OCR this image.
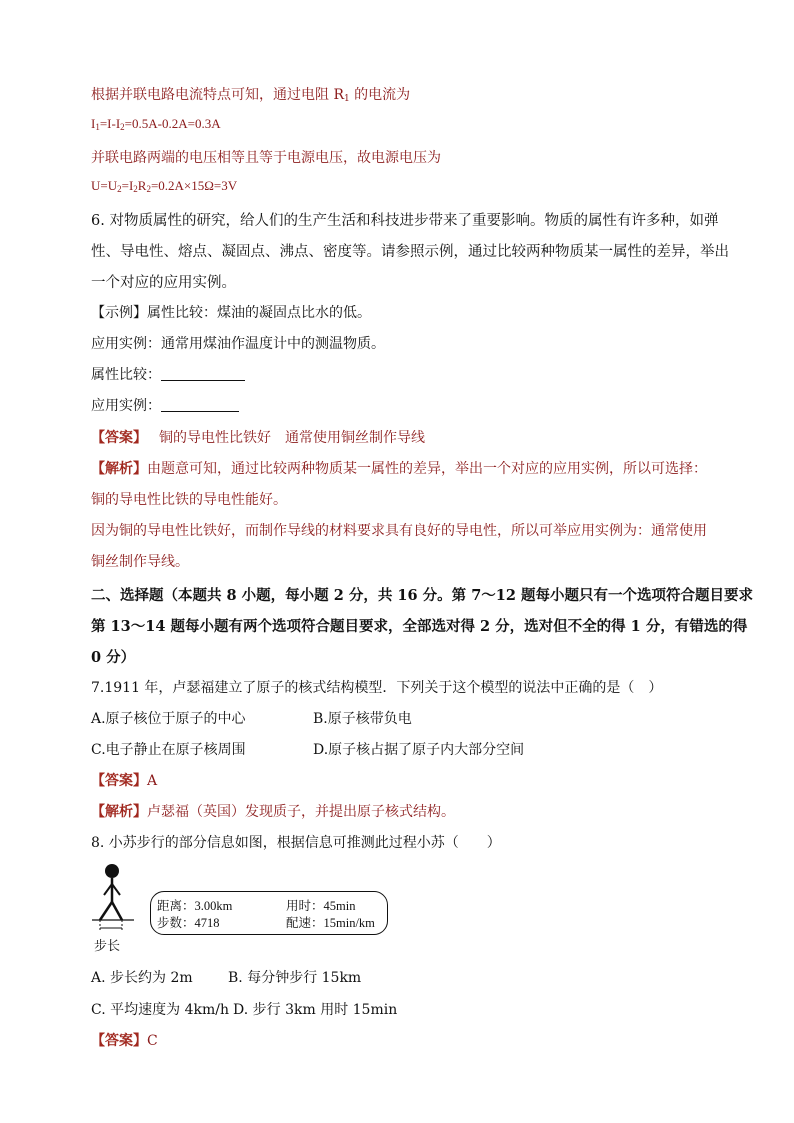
根据并联电路电流特点可知，通过电阻 $R_1$ 的电流为
$I_1=I-I_2=0.5A-0.2A=0.3A$
并联电路两端的电压相等且等于电源电压，故电源电压为
$U=U_2=I_2R_2=0.2A\times 15\Omega=3V$
6. 对物质属性的研究，给人们的生产生活和科技进步带来了重要影响。物质的属性有许多种，如弹
性、导电性、熔点、凝固点、沸点、密度等。请参照示例，通过比较两种物质某一属性的差异，举出
一个对应的应用实例。
【示例】属性比较：煤油的凝固点比水的低。
应用实例：通常用煤油作温度计中的测温物质。
属性比较：
应用实例：
【答案】 铜的导电性比铁好　通常使用铜丝制作导线
【解析】由题意可知，通过比较两种物质某一属性的差异，举出一个对应的应用实例，所以可选择：
铜的导电性比铁的导电性能好。
因为铜的导电性比铁好，而制作导线的材料要求具有良好的导电性，所以可举应用实例为：通常使用
铜丝制作导线。
二、选择题（本题共 8 小题，每小题 2 分，共 16 分。第 7～12 题每小题只有一个选项符合题目要求
第 13～14 题每小题有两个选项符合题目要求，全部选对得 2 分，选对但不全的得 1 分，有错选的得
0 分）
7.1911 年，卢瑟福建立了原子的核式结构模型．下列关于这个模型的说法中正确的是（　）
A.原子核位于原子的中心	B.原子核带负电
C.电子静止在原子核周围	D.原子核占据了原子内大部分空间
【答案】A
【解析】卢瑟福（英国）发现质子，并提出原子核式结构。
8. 小苏步行的部分信息如图，根据信息可推测此过程小苏（　　）
步长
距离：3.00km	用时：45min
步数：4718	配速：15min/km
A. 步长约为 2m	B. 每分钟步行 15km
C. 平均速度为 4km/h D. 步行 3km 用时 15min
【答案】C
